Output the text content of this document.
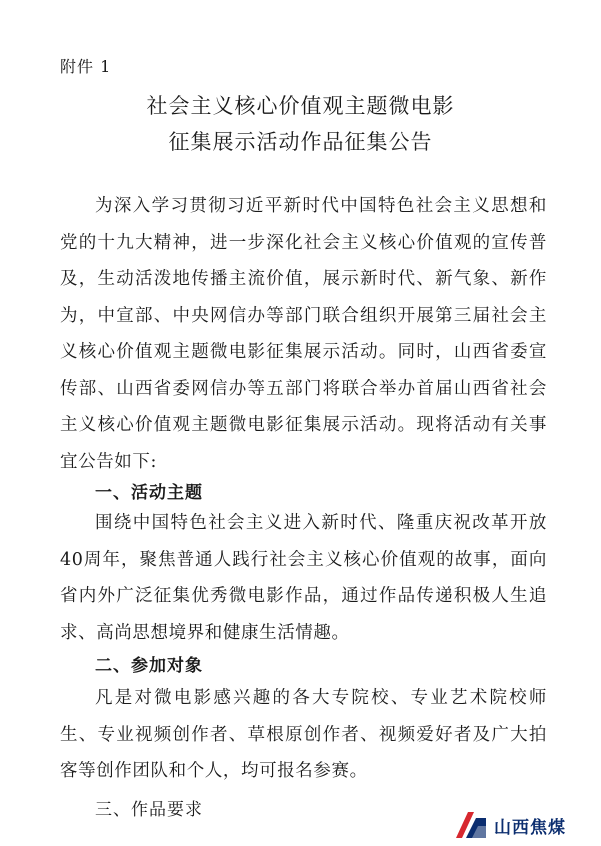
附件 1
社会主义核心价值观主题微电影
征集展示活动作品征集公告
为深入学习贯彻习近平新时代中国特色社会主义思想和党的十九大精神，进一步深化社会主义核心价值观的宣传普及，生动活泼地传播主流价值，展示新时代、新气象、新作为，中宣部、中央网信办等部门联合组织开展第三届社会主义核心价值观主题微电影征集展示活动。同时，山西省委宣传部、山西省委网信办等五部门将联合举办首届山西省社会主义核心价值观主题微电影征集展示活动。现将活动有关事宜公告如下:
一、活动主题
围绕中国特色社会主义进入新时代、隆重庆祝改革开放40周年，聚焦普通人践行社会主义核心价值观的故事，面向省内外广泛征集优秀微电影作品，通过作品传递积极人生追求、高尚思想境界和健康生活情趣。
二、参加对象
凡是对微电影感兴趣的各大专院校、专业艺术院校师生、专业视频创作者、草根原创作者、视频爱好者及广大拍客等创作团队和个人，均可报名参赛。
三、作品要求
山西焦煤
